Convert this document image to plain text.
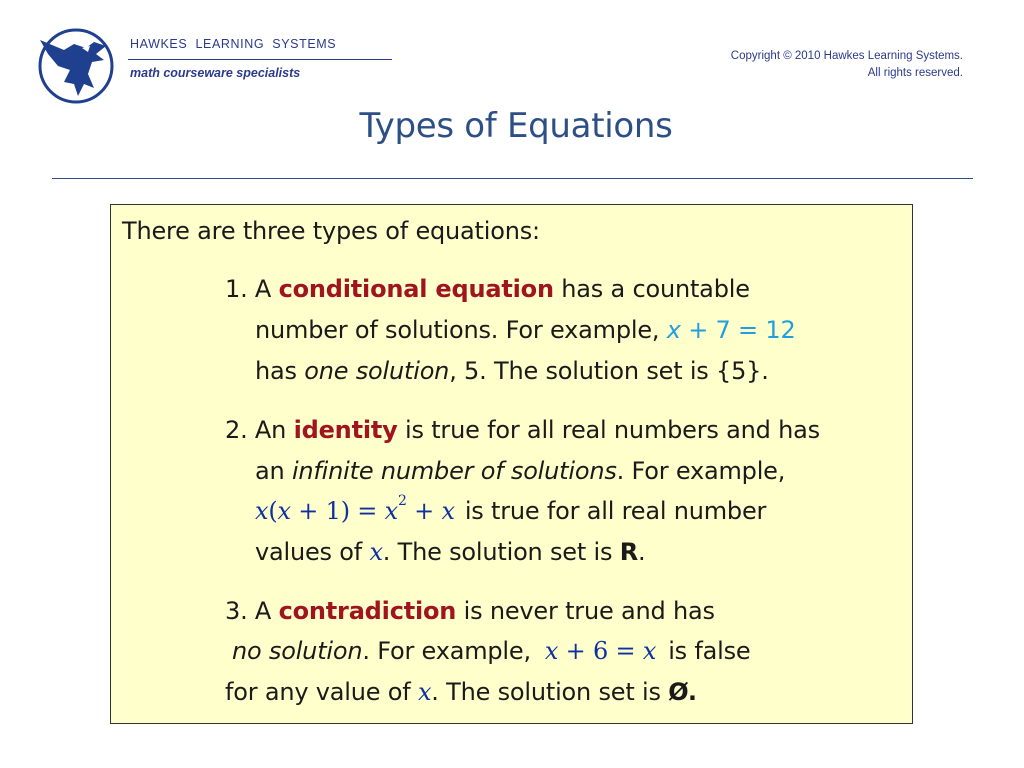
HAWKES  LEARNING  SYSTEMS
math courseware specialists
Copyright © 2010 Hawkes Learning Systems.
All rights reserved.
Types of Equations
There are three types of equations:
1. A conditional equation has a countable
number of solutions. For example, x + 7 = 12
has one solution, 5. The solution set is {5}.
2. An identity is true for all real numbers and has
an infinite number of solutions. For example,
$x(x + 1) = x^2 + x$ is true for all real number
values of x. The solution set is R.
3. A contradiction is never true and has
no solution. For example, x + 6 = x is false
for any value of x. The solution set is Ø.
